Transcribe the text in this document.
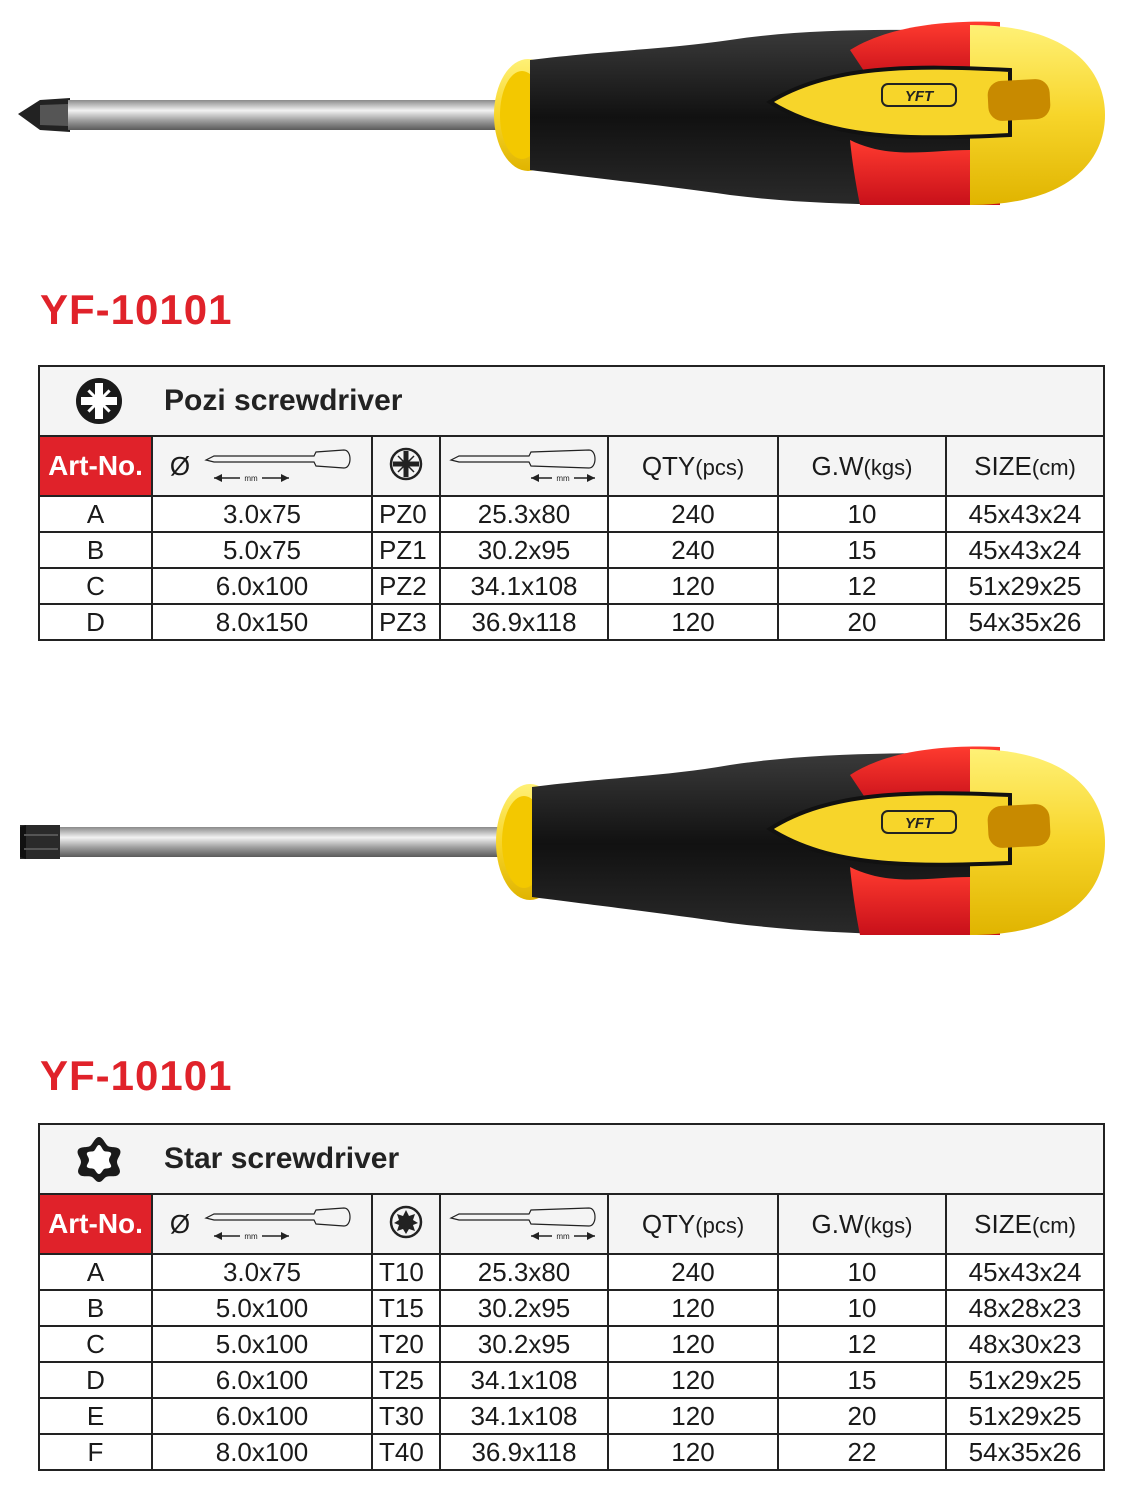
YFT
YF-10101
Pozi screwdriver						

Art-No.	Ø mm		mm	QTY(pcs)	G.W(kgs)	SIZE(cm)
A	3.0x75	PZ0	25.3x80	240	10	45x43x24
B	5.0x75	PZ1	30.2x95	240	15	45x43x24
C	6.0x100	PZ2	34.1x108	120	12	51x29x25
D	8.0x150	PZ3	36.9x118	120	20	54x35x26
YFT
YF-10101
Star screwdriver						

Art-No.	Ø mm		mm	QTY(pcs)	G.W(kgs)	SIZE(cm)
A	3.0x75	T10	25.3x80	240	10	45x43x24
B	5.0x100	T15	30.2x95	120	10	48x28x23
C	5.0x100	T20	30.2x95	120	12	48x30x23
D	6.0x100	T25	34.1x108	120	15	51x29x25
E	6.0x100	T30	34.1x108	120	20	51x29x25
F	8.0x100	T40	36.9x118	120	22	54x35x26
